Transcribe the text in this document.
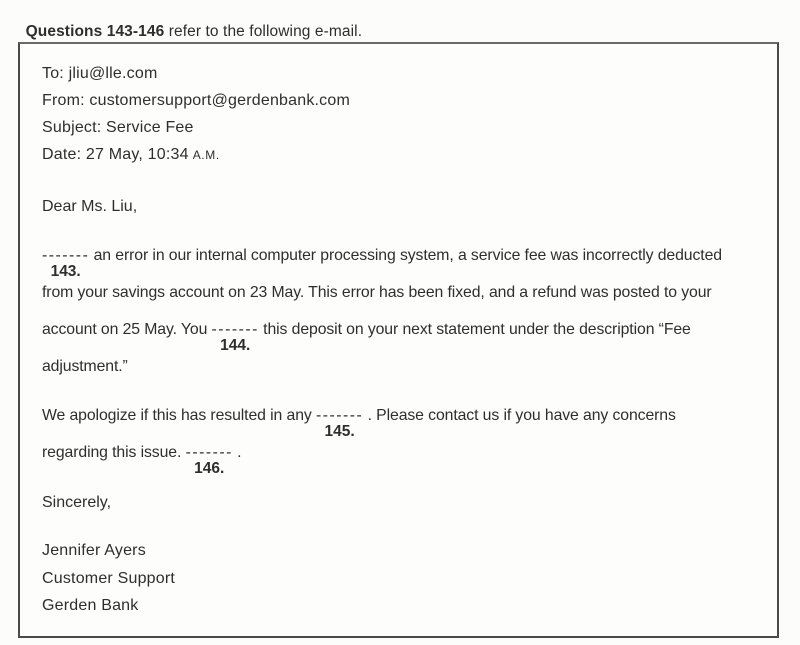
Questions 143-146 refer to the following e-mail.

To: jliu@lle.com
From: customersupport@gerdenbank.com
Subject: Service Fee
Date: 27 May, 10:34 A.M.
Dear Ms. Liu,
-------
143.
an error in our internal computer processing system, a service fee was incorrectly deducted
from your savings account on 23 May. This error has been fixed, and a refund was posted to your
account on 25 May. You -------
144.
this deposit on your next statement under the description “Fee
adjustment.”
We apologize if this has resulted in any -------
145.
. Please contact us if you have any concerns
regarding this issue. -------
146.
.
Sincerely,
Jennifer Ayers
Customer Support
Gerden Bank
